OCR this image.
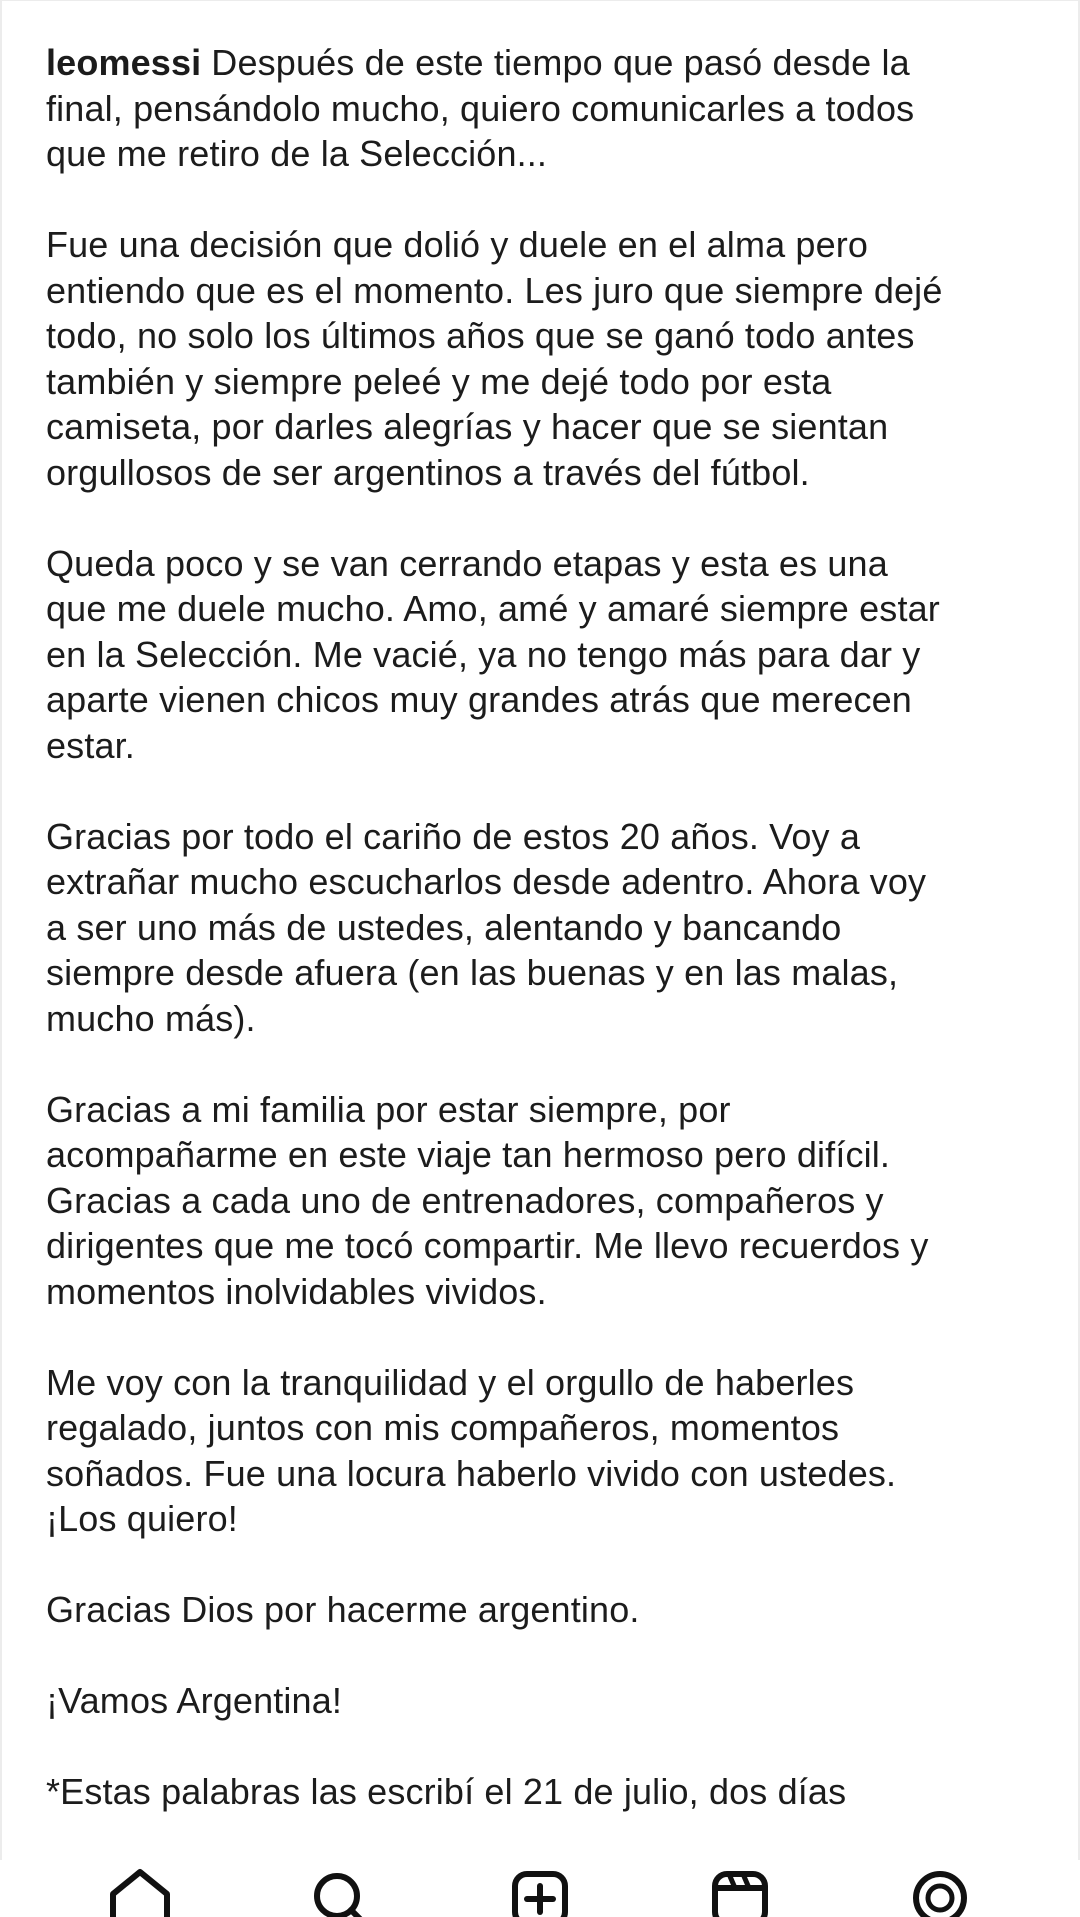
leomessi Después de este tiempo que pasó desde la
final, pensándolo mucho, quiero comunicarles a todos
que me retiro de la Selección...
Fue una decisión que dolió y duele en el alma pero
entiendo que es el momento. Les juro que siempre dejé
todo, no solo los últimos años que se ganó todo antes
también y siempre peleé y me dejé todo por esta
camiseta, por darles alegrías y hacer que se sientan
orgullosos de ser argentinos a través del fútbol.
Queda poco y se van cerrando etapas y esta es una
que me duele mucho. Amo, amé y amaré siempre estar
en la Selección. Me vacié, ya no tengo más para dar y
aparte vienen chicos muy grandes atrás que merecen
estar.
Gracias por todo el cariño de estos 20 años. Voy a
extrañar mucho escucharlos desde adentro. Ahora voy
a ser uno más de ustedes, alentando y bancando
siempre desde afuera (en las buenas y en las malas,
mucho más).
Gracias a mi familia por estar siempre, por
acompañarme en este viaje tan hermoso pero difícil.
Gracias a cada uno de entrenadores, compañeros y
dirigentes que me tocó compartir. Me llevo recuerdos y
momentos inolvidables vividos.
Me voy con la tranquilidad y el orgullo de haberles
regalado, juntos con mis compañeros, momentos
soñados. Fue una locura haberlo vivido con ustedes.
¡Los quiero!
Gracias Dios por hacerme argentino.
¡Vamos Argentina!
*Estas palabras las escribí el 21 de julio, dos días
